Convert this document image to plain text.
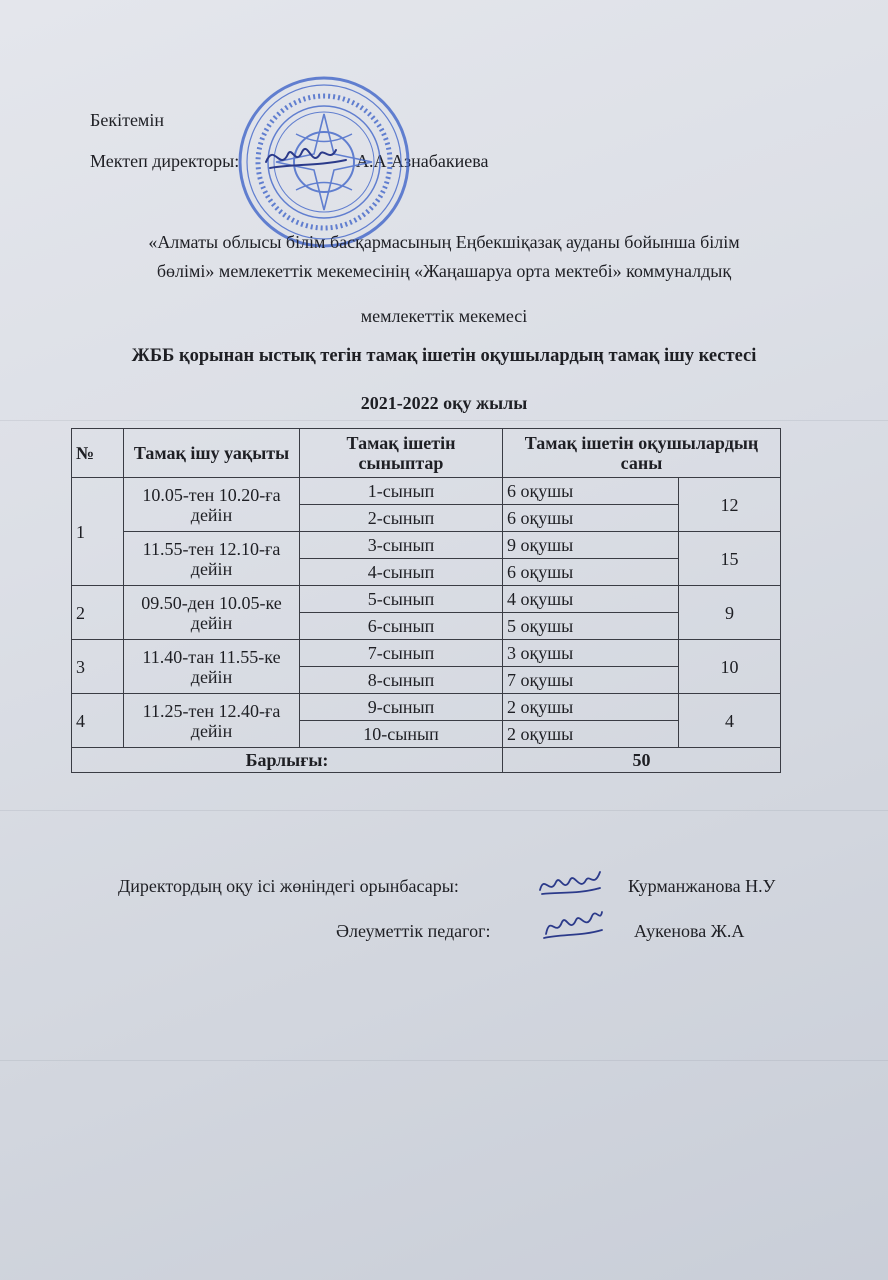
Бекітемін
Мектеп директоры:	А.А Азнабакиева
«Алматы облысы білім басқармасының Еңбекшіқазақ ауданы бойынша білім
бөлімі» мемлекеттік мекемесінің «Жаңашаруа орта мектебі» коммуналдық
мемлекеттік мекемесі
ЖББ қорынан ыстық тегін тамақ ішетін оқушылардың тамақ ішу кестесі
2021-2022 оқу жылы
№	Тамақ ішу уақыты	Тамақ ішетін сыныптар	Тамақ ішетін оқушылардың саны	
1	10.05-тен 10.20-ға дейін	1-сынып	6 оқушы	12
		2-сынып	6 оқушы	
	11.55-тен 12.10-ға дейін	3-сынып	9 оқушы	15
		4-сынып	6 оқушы	
2	09.50-ден 10.05-ке дейін	5-сынып	4 оқушы	9
		6-сынып	5 оқушы	
3	11.40-тан 11.55-ке дейін	7-сынып	3 оқушы	10
		8-сынып	7 оқушы	
4	11.25-тен 12.40-ға дейін	9-сынып	2 оқушы	4
		10-сынып	2 оқушы	
Барлығы:			50	
Директордың оқу ісі жөніндегі орынбасары:	Курманжанова Н.У
Әлеуметтік педагог:	Аукенова Ж.А
